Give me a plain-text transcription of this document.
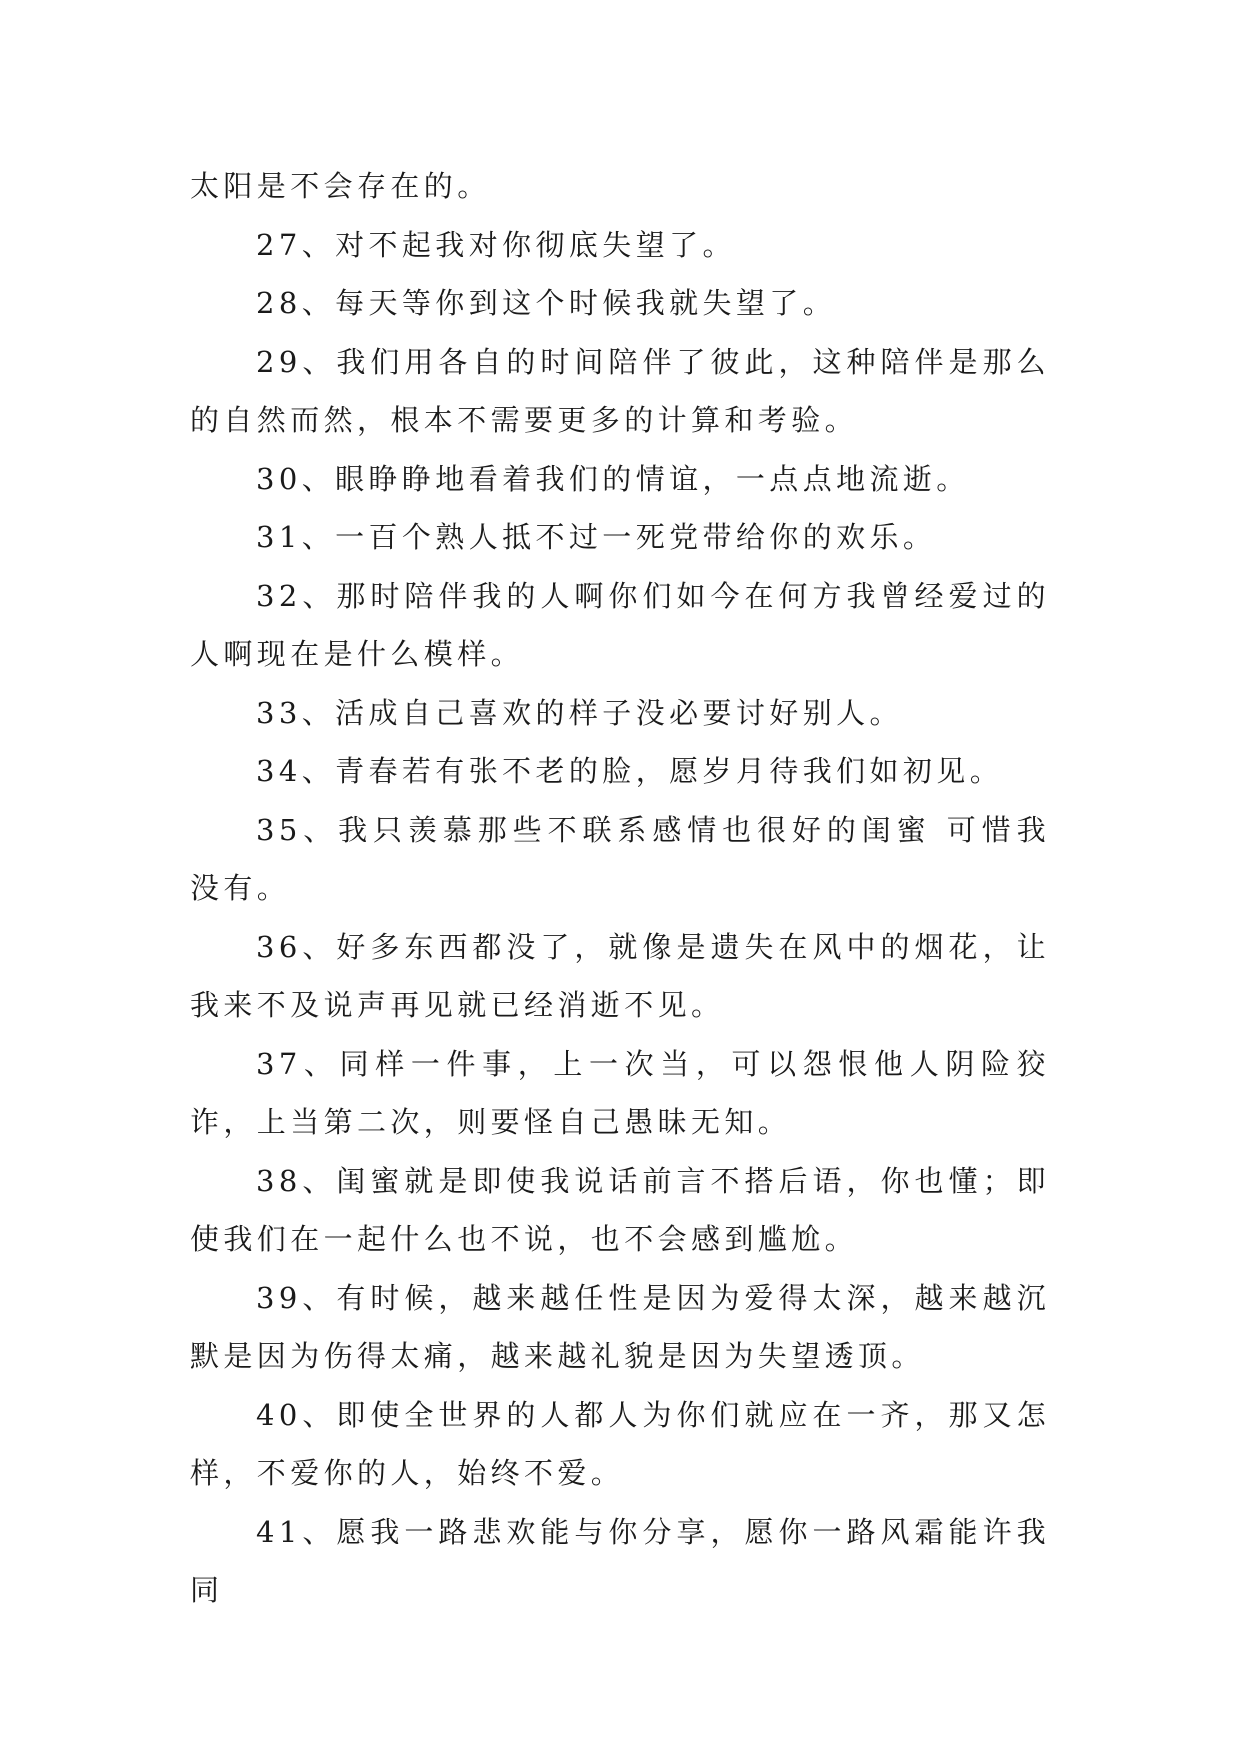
太阳是不会存在的。

27、对不起我对你彻底失望了。

28、每天等你到这个时候我就失望了。

29、我们用各自的时间陪伴了彼此，这种陪伴是那么的自然而然，根本不需要更多的计算和考验。

30、眼睁睁地看着我们的情谊，一点点地流逝。

31、一百个熟人抵不过一死党带给你的欢乐。

32、那时陪伴我的人啊你们如今在何方我曾经爱过的人啊现在是什么模样。

33、活成自己喜欢的样子没必要讨好别人。

34、青春若有张不老的脸，愿岁月待我们如初见。

35、我只羡慕那些不联系感情也很好的闺蜜 可惜我没有。

36、好多东西都没了，就像是遗失在风中的烟花，让我来不及说声再见就已经消逝不见。

37、同样一件事，上一次当，可以怨恨他人阴险狡诈，上当第二次，则要怪自己愚昧无知。

38、闺蜜就是即使我说话前言不搭后语，你也懂；即使我们在一起什么也不说，也不会感到尴尬。

39、有时候，越来越任性是因为爱得太深，越来越沉默是因为伤得太痛，越来越礼貌是因为失望透顶。

40、即使全世界的人都人为你们就应在一齐，那又怎样，不爱你的人，始终不爱。

41、愿我一路悲欢能与你分享，愿你一路风霜能许我同
